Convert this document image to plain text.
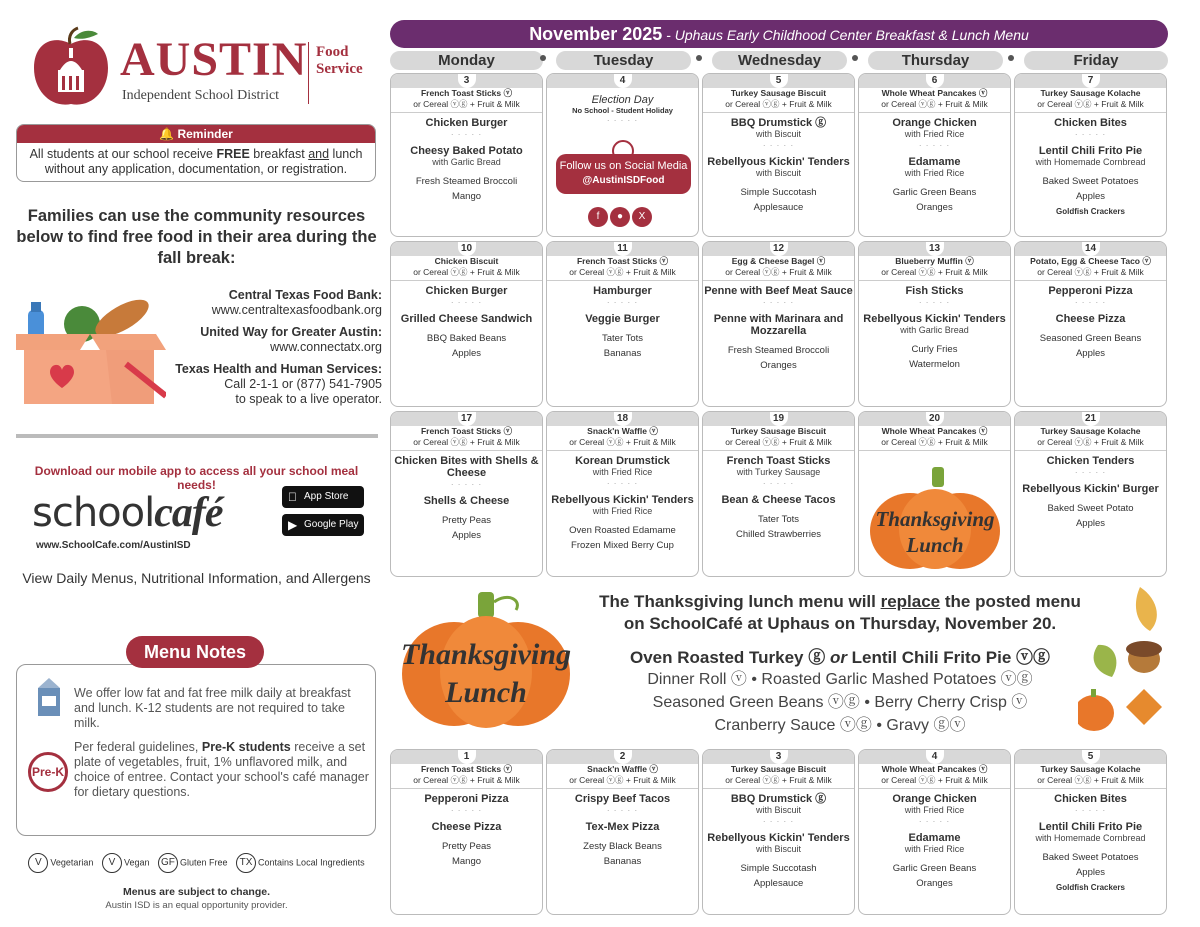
AUSTIN
Independent School District
Food
Service
🔔 Reminder
All students at our school receive FREE breakfast and lunch without any application, documentation, or registration.
Families can use the community resources below to find free food in their area during the fall break:
Central Texas Food Bank:
www.centraltexasfoodbank.org
United Way for Greater Austin:
www.connectatx.org
Texas Health and Human Services:
Call 2-1-1 or (877) 541-7905
to speak to a live operator.
Download our mobile app to access all your school meal needs!
schoolcafé
www.SchoolCafe.com/AustinISD
App Store
▶ Google Play
View Daily Menus, Nutritional Information, and Allergens
Menu Notes
We offer low fat and fat free milk daily at breakfast and lunch. K-12 students are not required to take milk.
Pre-K
Per federal guidelines, Pre-K students receive a set plate of vegetables, fruit, 1% unflavored milk, and choice of entree. Contact your school's café manager for dietary questions.
V Vegetarian V Vegan GF Gluten Free TX Contains Local Ingredients
Menus are subject to change.
Austin ISD is an equal opportunity provider.
November 2025 - Uphaus Early Childhood Center Breakfast & Lunch Menu
Monday	Tuesday	Wednesday	Thursday	Friday
3
French Toast Sticks ⓥ
or Cereal ⓥⓖ + Fruit & Milk
Chicken Burger
· · · · ·
Cheesy Baked Potato
with Garlic Bread
Fresh Steamed Broccoli
Mango
4
Election Day
No School - Student Holiday
· · · · ·
5
Turkey Sausage Biscuit
or Cereal ⓥⓖ + Fruit & Milk
BBQ Drumstick ⓖ
with Biscuit
· · · · ·
Rebellyous Kickin' Tenders
with Biscuit
Simple Succotash
Applesauce
6
Whole Wheat Pancakes ⓥ
or Cereal ⓥⓖ + Fruit & Milk
Orange Chicken
with Fried Rice
· · · · ·
Edamame
with Fried Rice
Garlic Green Beans
Oranges
7
Turkey Sausage Kolache
or Cereal ⓥⓖ + Fruit & Milk
Chicken Bites
· · · · ·
Lentil Chili Frito Pie
with Homemade Cornbread
Baked Sweet Potatoes
Apples
Goldfish Crackers
10
Chicken Biscuit
or Cereal ⓥⓖ + Fruit & Milk
Chicken Burger
· · · · ·
Grilled Cheese Sandwich
BBQ Baked Beans
Apples
11
French Toast Sticks ⓥ
or Cereal ⓥⓖ + Fruit & Milk
Hamburger
· · · · ·
Veggie Burger
Tater Tots
Bananas
12
Egg & Cheese Bagel ⓥ
or Cereal ⓥⓖ + Fruit & Milk
Penne with Beef Meat Sauce
· · · · ·
Penne with Marinara and Mozzarella
Fresh Steamed Broccoli
Oranges
13
Blueberry Muffin ⓥ
or Cereal ⓥⓖ + Fruit & Milk
Fish Sticks
· · · · ·
Rebellyous Kickin' Tenders
with Garlic Bread
Curly Fries
Watermelon
14
Potato, Egg & Cheese Taco ⓥ
or Cereal ⓥⓖ + Fruit & Milk
Pepperoni Pizza
· · · · ·
Cheese Pizza
Seasoned Green Beans
Apples
17
French Toast Sticks ⓥ
or Cereal ⓥⓖ + Fruit & Milk
Chicken Bites with Shells & Cheese
· · · · ·
Shells & Cheese
Pretty Peas
Apples
18
Snack'n Waffle ⓥ
or Cereal ⓥⓖ + Fruit & Milk
Korean Drumstick
with Fried Rice
· · · · ·
Rebellyous Kickin' Tenders
with Fried Rice
Oven Roasted Edamame
Frozen Mixed Berry Cup
19
Turkey Sausage Biscuit
or Cereal ⓥⓖ + Fruit & Milk
French Toast Sticks
with Turkey Sausage
· · · · ·
Bean & Cheese Tacos
Tater Tots
Chilled Strawberries
20
Whole Wheat Pancakes ⓥ
or Cereal ⓥⓖ + Fruit & Milk
21
Turkey Sausage Kolache
or Cereal ⓥⓖ + Fruit & Milk
Chicken Tenders
· · · · ·
Rebellyous Kickin' Burger
Baked Sweet Potato
Apples
1
French Toast Sticks ⓥ
or Cereal ⓥⓖ + Fruit & Milk
Pepperoni Pizza
· · · · ·
Cheese Pizza
Pretty Peas
Mango
2
Snack'n Waffle ⓥ
or Cereal ⓥⓖ + Fruit & Milk
Crispy Beef Tacos
· · · · ·
Tex-Mex Pizza
Zesty Black Beans
Bananas
3
Turkey Sausage Biscuit
or Cereal ⓥⓖ + Fruit & Milk
BBQ Drumstick ⓖ
with Biscuit
· · · · ·
Rebellyous Kickin' Tenders
with Biscuit
Simple Succotash
Applesauce
4
Whole Wheat Pancakes ⓥ
or Cereal ⓥⓖ + Fruit & Milk
Orange Chicken
with Fried Rice
· · · · ·
Edamame
with Fried Rice
Garlic Green Beans
Oranges
5
Turkey Sausage Kolache
or Cereal ⓥⓖ + Fruit & Milk
Chicken Bites
· · · · ·
Lentil Chili Frito Pie
with Homemade Cornbread
Baked Sweet Potatoes
Apples
Goldfish Crackers
Follow us on Social Media
@AustinISDFood
f ● X
Thanksgiving
Lunch
Thanksgiving
Lunch
The Thanksgiving lunch menu will replace the posted menu
on SchoolCafé at Uphaus on Thursday, November 20.
Oven Roasted Turkey ⓖ or Lentil Chili Frito Pie ⓥⓖ
Dinner Roll ⓥ • Roasted Garlic Mashed Potatoes ⓥⓖ
Seasoned Green Beans ⓥⓖ • Berry Cherry Crisp ⓥ
Cranberry Sauce ⓥⓖ • Gravy ⓖⓥ
